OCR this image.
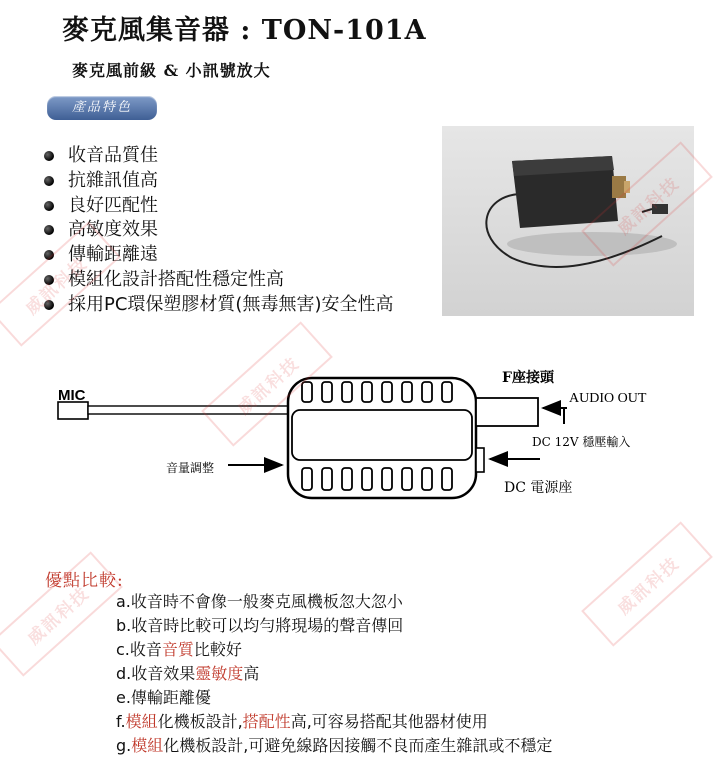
麥克風集音器 : TON-101A
麥克風前級 & 小訊號放大
產品特色
收音品質佳
抗雜訊值高
良好匹配性
高敏度效果
傳輸距離遠
模組化設計搭配性穩定性高
採用PC環保塑膠材質(無毒無害)安全性高
MIC
F座接頭
AUDIO OUT
DC 12V 穩壓輸入
音量調整
DC 電源座
優點比較:
a.收音時不會像一般麥克風機板忽大忽小
b.收音時比較可以均勻將現場的聲音傳回
c.收音音質比較好
d.收音效果靈敏度高
e.傳輸距離優
f.模組化機板設計,搭配性高,可容易搭配其他器材使用
g.模組化機板設計,可避免線路因接觸不良而產生雜訊或不穩定
威訊科技
威訊科技
威訊科技	威訊科技
